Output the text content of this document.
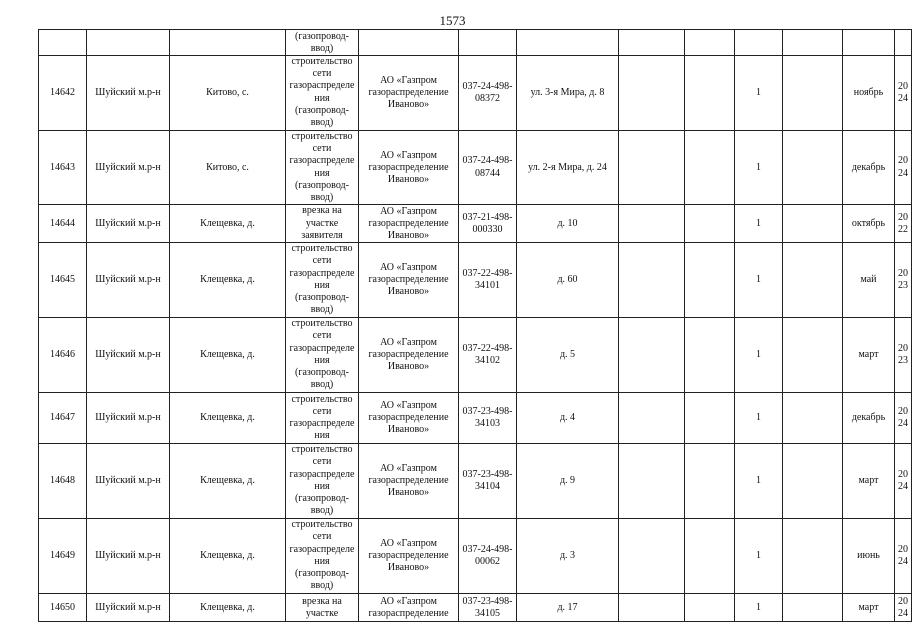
1573
			(газопровод-ввод)									
14642	Шуйский м.р-н	Китово, с.	строительство сети газораспределения (газопровод-ввод)	АО «Газпром газораспределение Иваново»	037-24-498-08372	ул. 3-я Мира, д. 8			1		ноябрь	2024
14643	Шуйский м.р-н	Китово, с.	строительство сети газораспределения (газопровод-ввод)	АО «Газпром газораспределение Иваново»	037-24-498-08744	ул. 2-я Мира, д. 24			1		декабрь	2024
14644	Шуйский м.р-н	Клещевка, д.	врезка на участке заявителя	АО «Газпром газораспределение Иваново»	037-21-498-000330	д. 10			1		октябрь	2022
14645	Шуйский м.р-н	Клещевка, д.	строительство сети газораспределения (газопровод-ввод)	АО «Газпром газораспределение Иваново»	037-22-498-34101	д. 60			1		май	2023
14646	Шуйский м.р-н	Клещевка, д.	строительство сети газораспределения (газопровод-ввод)	АО «Газпром газораспределение Иваново»	037-22-498-34102	д. 5			1		март	2023
14647	Шуйский м.р-н	Клещевка, д.	строительство сети газораспределения	АО «Газпром газораспределение Иваново»	037-23-498-34103	д. 4			1		декабрь	2024
14648	Шуйский м.р-н	Клещевка, д.	строительство сети газораспределения (газопровод-ввод)	АО «Газпром газораспределение Иваново»	037-23-498-34104	д. 9			1		март	2024
14649	Шуйский м.р-н	Клещевка, д.	строительство сети газораспределения (газопровод-ввод)	АО «Газпром газораспределение Иваново»	037-24-498-00062	д. 3			1		июнь	2024
14650	Шуйский м.р-н	Клещевка, д.	врезка на участке	АО «Газпром газораспределение	037-23-498-34105	д. 17			1		март	2024
